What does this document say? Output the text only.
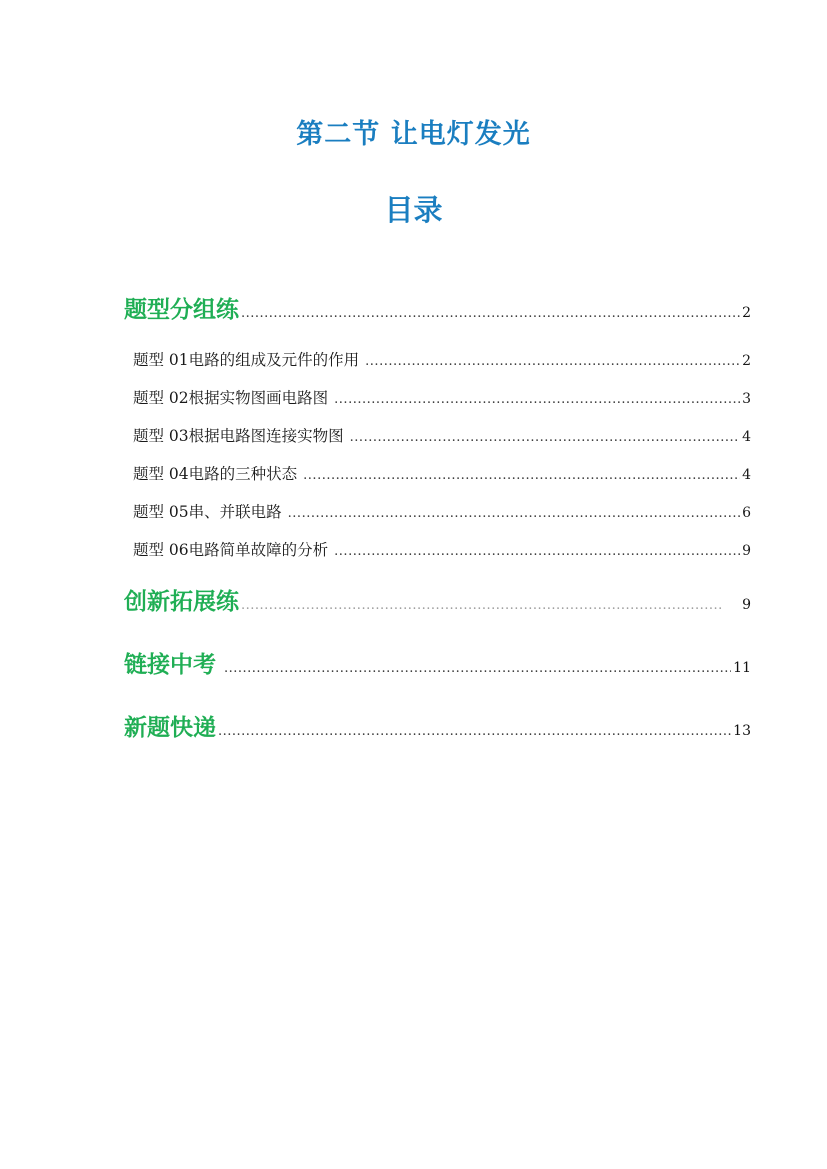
第二节 让电灯发光
目录
题型分组练 .....	2
题型 01 电路的组成及元件的作用 .....	2
题型 02 根据实物图画电路图 .....	3
题型 03 根据电路图连接实物图 .....	4
题型 04 电路的三种状态 .....	4
题型 05 串、并联电路 .....	6
题型 06 电路简单故障的分析 .....	9
创新拓展练 .....	9
链接中考 .....	11
新题快递 .....	13
